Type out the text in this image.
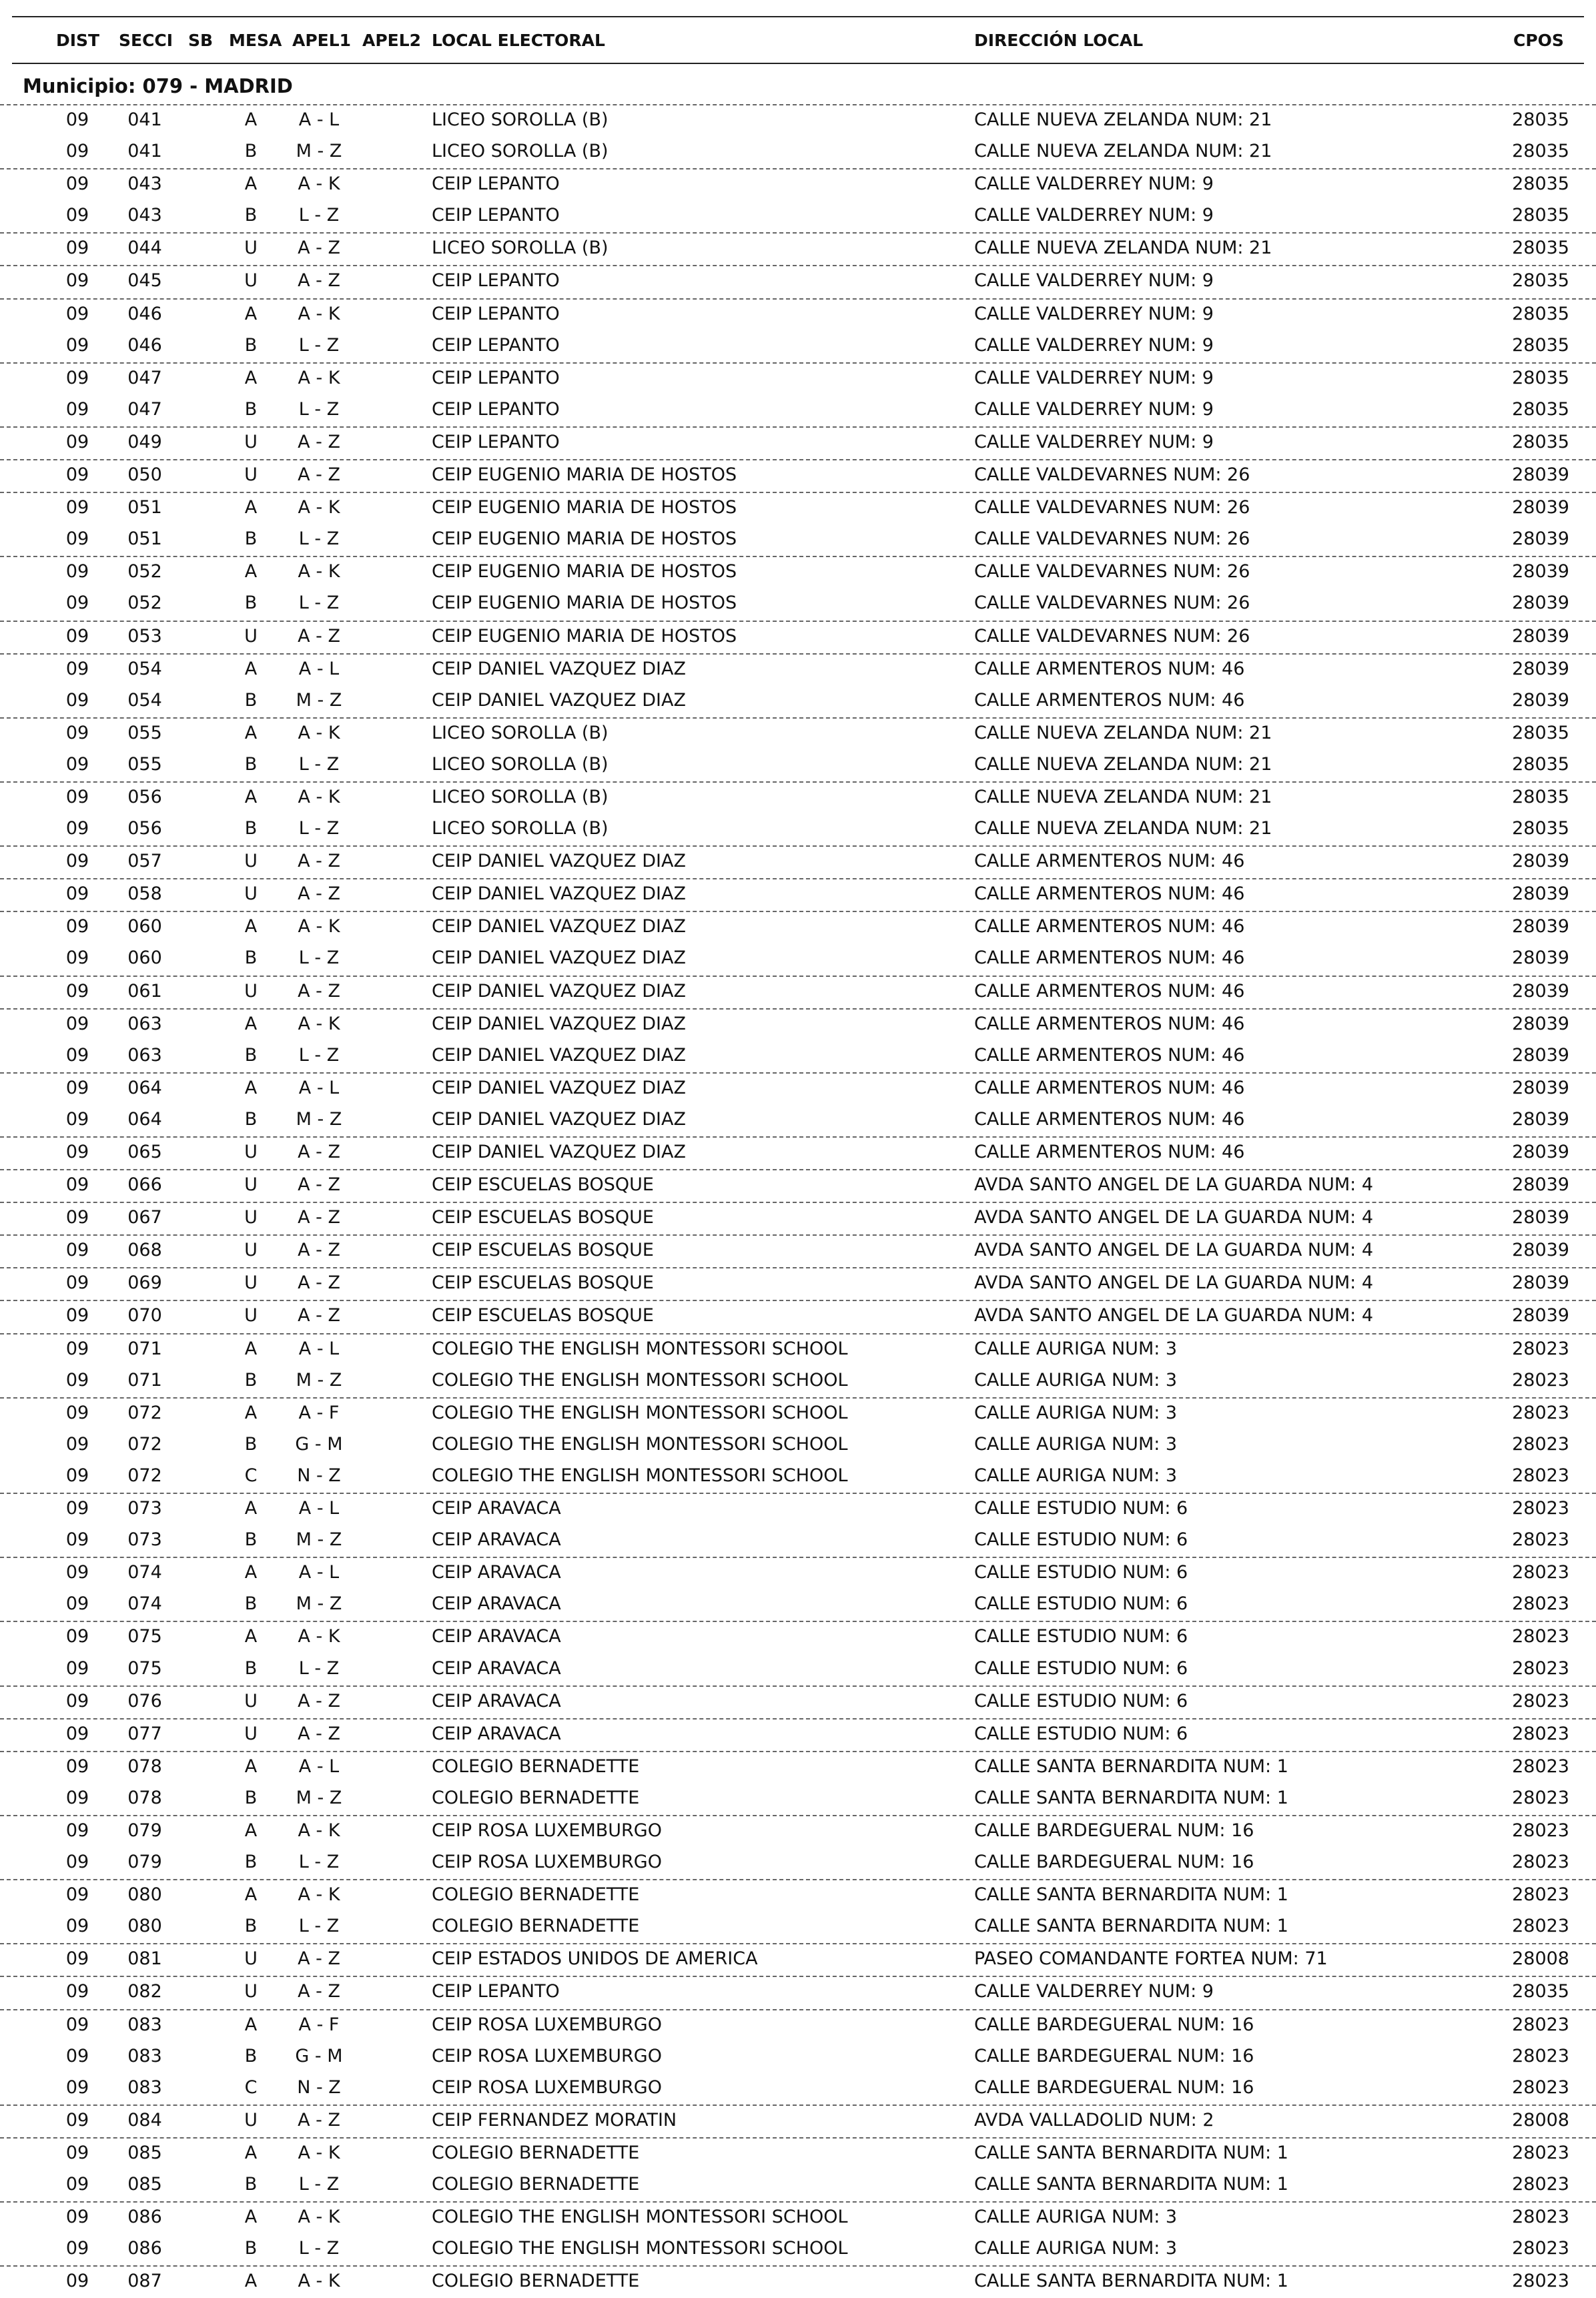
DIST SECCI SB MESA APEL1 APEL2 LOCAL ELECTORAL	DIRECCIÓN LOCAL	CPOS
Municipio: 079 - MADRID
09	041	A	A - L	LICEO SOROLLA (B)	CALLE NUEVA ZELANDA NUM: 21	28035
09	041	B	M - Z	LICEO SOROLLA (B)	CALLE NUEVA ZELANDA NUM: 21	28035
09	043	A	A - K	CEIP LEPANTO	CALLE VALDERREY NUM: 9	28035
09	043	B	L - Z	CEIP LEPANTO	CALLE VALDERREY NUM: 9	28035
09	044	U	A - Z	LICEO SOROLLA (B)	CALLE NUEVA ZELANDA NUM: 21	28035
09	045	U	A - Z	CEIP LEPANTO	CALLE VALDERREY NUM: 9	28035
09	046	A	A - K	CEIP LEPANTO	CALLE VALDERREY NUM: 9	28035
09	046	B	L - Z	CEIP LEPANTO	CALLE VALDERREY NUM: 9	28035
09	047	A	A - K	CEIP LEPANTO	CALLE VALDERREY NUM: 9	28035
09	047	B	L - Z	CEIP LEPANTO	CALLE VALDERREY NUM: 9	28035
09	049	U	A - Z	CEIP LEPANTO	CALLE VALDERREY NUM: 9	28035
09	050	U	A - Z	CEIP EUGENIO MARIA DE HOSTOS	CALLE VALDEVARNES NUM: 26	28039
09	051	A	A - K	CEIP EUGENIO MARIA DE HOSTOS	CALLE VALDEVARNES NUM: 26	28039
09	051	B	L - Z	CEIP EUGENIO MARIA DE HOSTOS	CALLE VALDEVARNES NUM: 26	28039
09	052	A	A - K	CEIP EUGENIO MARIA DE HOSTOS	CALLE VALDEVARNES NUM: 26	28039
09	052	B	L - Z	CEIP EUGENIO MARIA DE HOSTOS	CALLE VALDEVARNES NUM: 26	28039
09	053	U	A - Z	CEIP EUGENIO MARIA DE HOSTOS	CALLE VALDEVARNES NUM: 26	28039
09	054	A	A - L	CEIP DANIEL VAZQUEZ DIAZ	CALLE ARMENTEROS NUM: 46	28039
09	054	B	M - Z	CEIP DANIEL VAZQUEZ DIAZ	CALLE ARMENTEROS NUM: 46	28039
09	055	A	A - K	LICEO SOROLLA (B)	CALLE NUEVA ZELANDA NUM: 21	28035
09	055	B	L - Z	LICEO SOROLLA (B)	CALLE NUEVA ZELANDA NUM: 21	28035
09	056	A	A - K	LICEO SOROLLA (B)	CALLE NUEVA ZELANDA NUM: 21	28035
09	056	B	L - Z	LICEO SOROLLA (B)	CALLE NUEVA ZELANDA NUM: 21	28035
09	057	U	A - Z	CEIP DANIEL VAZQUEZ DIAZ	CALLE ARMENTEROS NUM: 46	28039
09	058	U	A - Z	CEIP DANIEL VAZQUEZ DIAZ	CALLE ARMENTEROS NUM: 46	28039
09	060	A	A - K	CEIP DANIEL VAZQUEZ DIAZ	CALLE ARMENTEROS NUM: 46	28039
09	060	B	L - Z	CEIP DANIEL VAZQUEZ DIAZ	CALLE ARMENTEROS NUM: 46	28039
09	061	U	A - Z	CEIP DANIEL VAZQUEZ DIAZ	CALLE ARMENTEROS NUM: 46	28039
09	063	A	A - K	CEIP DANIEL VAZQUEZ DIAZ	CALLE ARMENTEROS NUM: 46	28039
09	063	B	L - Z	CEIP DANIEL VAZQUEZ DIAZ	CALLE ARMENTEROS NUM: 46	28039
09	064	A	A - L	CEIP DANIEL VAZQUEZ DIAZ	CALLE ARMENTEROS NUM: 46	28039
09	064	B	M - Z	CEIP DANIEL VAZQUEZ DIAZ	CALLE ARMENTEROS NUM: 46	28039
09	065	U	A - Z	CEIP DANIEL VAZQUEZ DIAZ	CALLE ARMENTEROS NUM: 46	28039
09	066	U	A - Z	CEIP ESCUELAS BOSQUE	AVDA SANTO ANGEL DE LA GUARDA NUM: 4	28039
09	067	U	A - Z	CEIP ESCUELAS BOSQUE	AVDA SANTO ANGEL DE LA GUARDA NUM: 4	28039
09	068	U	A - Z	CEIP ESCUELAS BOSQUE	AVDA SANTO ANGEL DE LA GUARDA NUM: 4	28039
09	069	U	A - Z	CEIP ESCUELAS BOSQUE	AVDA SANTO ANGEL DE LA GUARDA NUM: 4	28039
09	070	U	A - Z	CEIP ESCUELAS BOSQUE	AVDA SANTO ANGEL DE LA GUARDA NUM: 4	28039
09	071	A	A - L	COLEGIO THE ENGLISH MONTESSORI SCHOOL	CALLE AURIGA NUM: 3	28023
09	071	B	M - Z	COLEGIO THE ENGLISH MONTESSORI SCHOOL	CALLE AURIGA NUM: 3	28023
09	072	A	A - F	COLEGIO THE ENGLISH MONTESSORI SCHOOL	CALLE AURIGA NUM: 3	28023
09	072	B	G - M	COLEGIO THE ENGLISH MONTESSORI SCHOOL	CALLE AURIGA NUM: 3	28023
09	072	C	N - Z	COLEGIO THE ENGLISH MONTESSORI SCHOOL	CALLE AURIGA NUM: 3	28023
09	073	A	A - L	CEIP ARAVACA	CALLE ESTUDIO NUM: 6	28023
09	073	B	M - Z	CEIP ARAVACA	CALLE ESTUDIO NUM: 6	28023
09	074	A	A - L	CEIP ARAVACA	CALLE ESTUDIO NUM: 6	28023
09	074	B	M - Z	CEIP ARAVACA	CALLE ESTUDIO NUM: 6	28023
09	075	A	A - K	CEIP ARAVACA	CALLE ESTUDIO NUM: 6	28023
09	075	B	L - Z	CEIP ARAVACA	CALLE ESTUDIO NUM: 6	28023
09	076	U	A - Z	CEIP ARAVACA	CALLE ESTUDIO NUM: 6	28023
09	077	U	A - Z	CEIP ARAVACA	CALLE ESTUDIO NUM: 6	28023
09	078	A	A - L	COLEGIO BERNADETTE	CALLE SANTA BERNARDITA NUM: 1	28023
09	078	B	M - Z	COLEGIO BERNADETTE	CALLE SANTA BERNARDITA NUM: 1	28023
09	079	A	A - K	CEIP ROSA LUXEMBURGO	CALLE BARDEGUERAL NUM: 16	28023
09	079	B	L - Z	CEIP ROSA LUXEMBURGO	CALLE BARDEGUERAL NUM: 16	28023
09	080	A	A - K	COLEGIO BERNADETTE	CALLE SANTA BERNARDITA NUM: 1	28023
09	080	B	L - Z	COLEGIO BERNADETTE	CALLE SANTA BERNARDITA NUM: 1	28023
09	081	U	A - Z	CEIP ESTADOS UNIDOS DE AMERICA	PASEO COMANDANTE FORTEA NUM: 71	28008
09	082	U	A - Z	CEIP LEPANTO	CALLE VALDERREY NUM: 9	28035
09	083	A	A - F	CEIP ROSA LUXEMBURGO	CALLE BARDEGUERAL NUM: 16	28023
09	083	B	G - M	CEIP ROSA LUXEMBURGO	CALLE BARDEGUERAL NUM: 16	28023
09	083	C	N - Z	CEIP ROSA LUXEMBURGO	CALLE BARDEGUERAL NUM: 16	28023
09	084	U	A - Z	CEIP FERNANDEZ MORATIN	AVDA VALLADOLID NUM: 2	28008
09	085	A	A - K	COLEGIO BERNADETTE	CALLE SANTA BERNARDITA NUM: 1	28023
09	085	B	L - Z	COLEGIO BERNADETTE	CALLE SANTA BERNARDITA NUM: 1	28023
09	086	A	A - K	COLEGIO THE ENGLISH MONTESSORI SCHOOL	CALLE AURIGA NUM: 3	28023
09	086	B	L - Z	COLEGIO THE ENGLISH MONTESSORI SCHOOL	CALLE AURIGA NUM: 3	28023
09	087	A	A - K	COLEGIO BERNADETTE	CALLE SANTA BERNARDITA NUM: 1	28023
